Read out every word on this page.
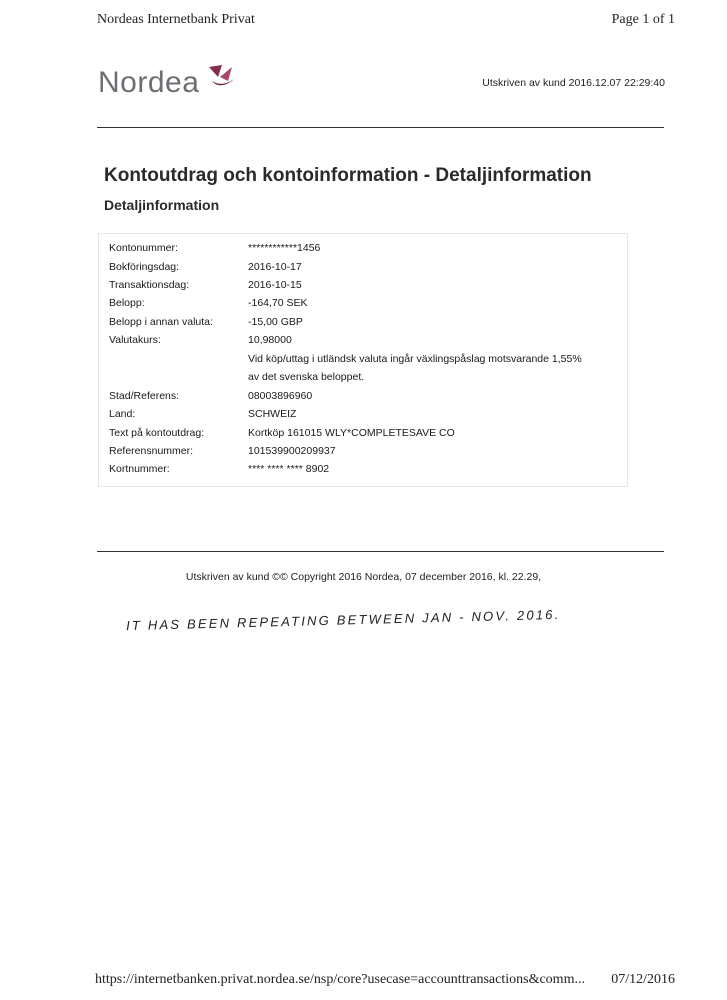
Nordeas Internetbank Privat	Page 1 of 1
Nordea	Utskriven av kund 2016.12.07 22:29:40
Kontoutdrag och kontoinformation - Detaljinformation
Detaljinformation
Kontonummer:	************1456
Bokföringsdag:	2016-10-17
Transaktionsdag:	2016-10-15
Belopp:	-164,70 SEK
Belopp i annan valuta:	-15,00 GBP
Valutakurs:	10,98000
Vid köp/uttag i utländsk valuta ingår växlingspåslag motsvarande 1,55%
av det svenska beloppet.
Stad/Referens:	08003896960
Land:	SCHWEIZ
Text på kontoutdrag:	Kortköp 161015 WLY*COMPLETESAVE CO
Referensnummer:	101539900209937
Kortnummer:	**** **** **** 8902
Utskriven av kund ©© Copyright 2016 Nordea, 07 december 2016, kl. 22.29,
IT HAS BEEN REPEATING BETWEEN JAN - NOV. 2016.
https://internetbanken.privat.nordea.se/nsp/core?usecase=accounttransactions&comm... 07/12/2016
